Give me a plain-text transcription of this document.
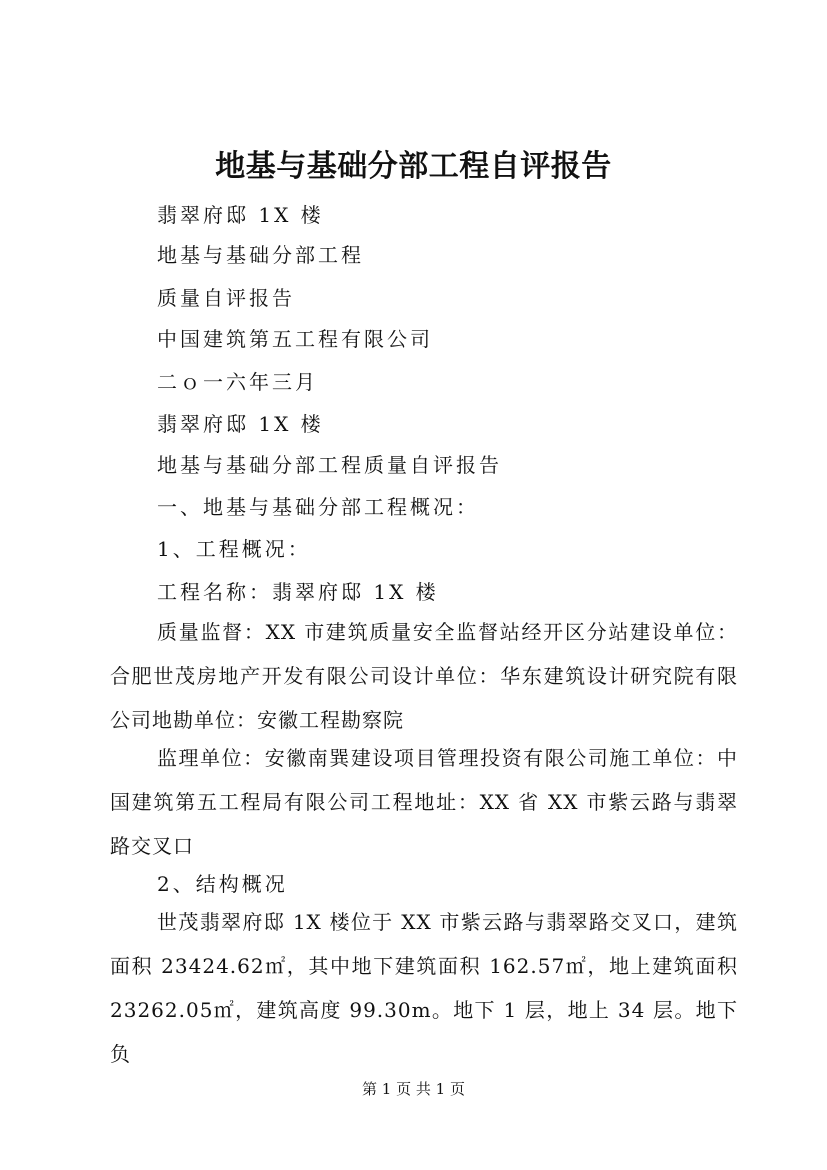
地基与基础分部工程自评报告
翡翠府邸 1X 楼
地基与基础分部工程
质量自评报告
中国建筑第五工程有限公司
二ｏ一六年三月
翡翠府邸 1X 楼
地基与基础分部工程质量自评报告
一、地基与基础分部工程概况：
1、工程概况：
工程名称：翡翠府邸 1X 楼
质量监督：XX 市建筑质量安全监督站经开区分站建设单位：合肥世茂房地产开发有限公司设计单位：华东建筑设计研究院有限公司地勘单位：安徽工程勘察院
监理单位：安徽南巽建设项目管理投资有限公司施工单位：中国建筑第五工程局有限公司工程地址：XX 省 XX 市紫云路与翡翠路交叉口
2、结构概况
世茂翡翠府邸 1X 楼位于 XX 市紫云路与翡翠路交叉口，建筑面积 23424.62㎡，其中地下建筑面积 162.57㎡，地上建筑面积 23262.05㎡，建筑高度 99.30m。地下 1 层，地上 34 层。地下负
第 1 页 共 1 页
